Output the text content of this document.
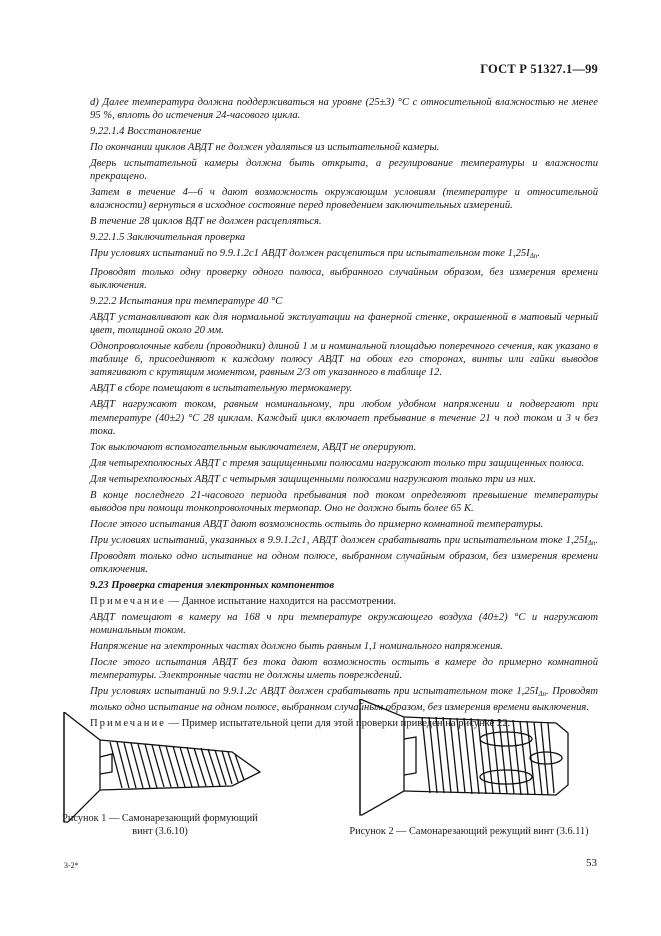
ГОСТ Р 51327.1—99

d) Далее температура должна поддерживаться на уровне (25±3) °С с относительной влажностью не менее 95 %, вплоть до истечения 24-часового цикла.

9.22.1.4 Восстановление

По окончании циклов АВДТ не должен удаляться из испытательной камеры.

Дверь испытательной камеры должна быть открыта, а регулирование температуры и влажности прекращено.

Затем в течение 4—6 ч дают возможность окружающим условиям (температуре и относительной влажности) вернуться в исходное состояние перед проведением заключительных измерений.

В течение 28 циклов ВДТ не должен расцепляться.

9.22.1.5 Заключительная проверка

При условиях испытаний по 9.9.1.2с1 АВДТ должен расцепиться при испытательном токе $1,25I_{\Delta n}$.

Проводят только одну проверку одного полюса, выбранного случайным образом, без измерения времени выключения.

9.22.2 Испытания при температуре 40 °С

АВДТ устанавливают как для нормальной эксплуатации на фанерной стенке, окрашенной в матовый черный цвет, толщиной около 20 мм.

Однопроволочные кабели (проводники) длиной 1 м и номинальной площадью поперечного сечения, как указано в таблице 6, присоединяют к каждому полюсу АВДТ на обоих его сторонах, винты или гайки выводов затягивают с крутящим моментом, равным 2/3 от указанного в таблице 12.

АВДТ в сборе помещают в испытательную термокамеру.

АВДТ нагружают током, равным номинальному, при любом удобном напряжении и подвергают при температуре (40±2) °С 28 циклам. Каждый цикл включает пребывание в течение 21 ч под током и 3 ч без тока.

Ток выключают вспомогательным выключателем, АВДТ не оперируют.

Для четырехполюсных АВДТ с тремя защищенными полюсами нагружают только три защищенных полюса.

Для четырехполюсных АВДТ с четырьмя защищенными полюсами нагружают только три из них.

В конце последнего 21-часового периода пребывания под током определяют превышение температуры выводов при помощи тонкопроволочных термопар. Оно не должно быть более 65 К.

После этого испытания АВДТ дают возможность остыть до примерно комнатной температуры.

При условиях испытаний, указанных в 9.9.1.2с1, АВДТ должен срабатывать при испытательном токе $1,25I_{\Delta n}$. Проводят только одно испытание на одном полюсе, выбранном случайным образом, без измерения времени отключения.

9.23 Проверка старения электронных компонентов

Примечание — Данное испытание находится на рассмотрении.

АВДТ помещают в камеру на 168 ч при температуре окружающего воздуха (40±2) °С и нагружают номинальным током.

Напряжение на электронных частях должно быть равным 1,1 номинального напряжения.

После этого испытания АВДТ без тока дают возможность остыть в камере до примерно комнатной температуры. Электронные части не должны иметь повреждений.

При условиях испытаний по 9.9.1.2с АВДТ должен срабатывать при испытательном токе $1,25I_{\Delta n}$. Проводят только одно испытание на одном полюсе, выбранном случайным образом, без измерения времени выключения.

Примечание — Пример испытательной цепи для этой проверки приведен на рисунке 22.

Рисунок 1 — Самонарезающий формующий
винт (3.6.10)	Рисунок 2 — Самонарезающий режущий винт (3.6.11)
3-2*	53
